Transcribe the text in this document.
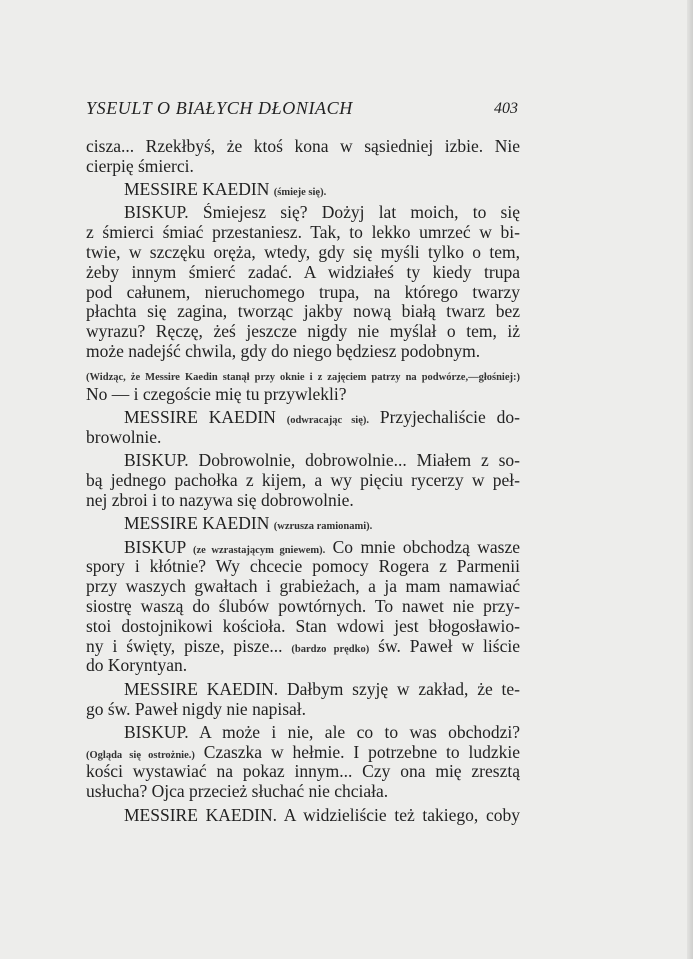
YSEULT O BIAŁYCH DŁONIACH	403
cisza... Rzekłbyś, że ktoś kona w sąsiedniej izbie. Nie
cierpię śmierci.
MESSIRE KAEDIN (śmieje się).
BISKUP. Śmiejesz się? Dożyj lat moich, to się
z śmierci śmiać przestaniesz. Tak, to lekko umrzeć w bi-
twie, w szczęku oręża, wtedy, gdy się myśli tylko o tem,
żeby innym śmierć zadać. A widziałeś ty kiedy trupa
pod całunem, nieruchomego trupa, na którego twarzy
płachta się zagina, tworząc jakby nową białą twarz bez
wyrazu? Ręczę, żeś jeszcze nigdy nie myślał o tem, iż
może nadejść chwila, gdy do niego będziesz podobnym.
(Widząc, że Messire Kaedin stanął przy oknie i z zajęciem patrzy na podwórze,—głośniej:)
No — i czegoście mię tu przywlekli?
MESSIRE KAEDIN (odwracając się). Przyjechaliście do-
browolnie.
BISKUP. Dobrowolnie, dobrowolnie... Miałem z so-
bą jednego pachołka z kijem, a wy pięciu rycerzy w peł-
nej zbroi i to nazywa się dobrowolnie.
MESSIRE KAEDIN (wzrusza ramionami).
BISKUP (ze wzrastającym gniewem). Co mnie obchodzą wasze
spory i kłótnie? Wy chcecie pomocy Rogera z Parmenii
przy waszych gwałtach i grabieżach, a ja mam namawiać
siostrę waszą do ślubów powtórnych. To nawet nie przy-
stoi dostojnikowi kościoła. Stan wdowi jest błogosławio-
ny i święty, pisze, pisze... (bardzo prędko) św. Paweł w liście
do Koryntyan.
MESSIRE KAEDIN. Dałbym szyję w zakład, że te-
go św. Paweł nigdy nie napisał.
BISKUP. A może i nie, ale co to was obchodzi?
(Ogląda się ostrożnie.) Czaszka w hełmie. I potrzebne to ludzkie
kości wystawiać na pokaz innym... Czy ona mię zresztą
usłucha? Ojca przecież słuchać nie chciała.
MESSIRE KAEDIN. A widzieliście też takiego, coby
